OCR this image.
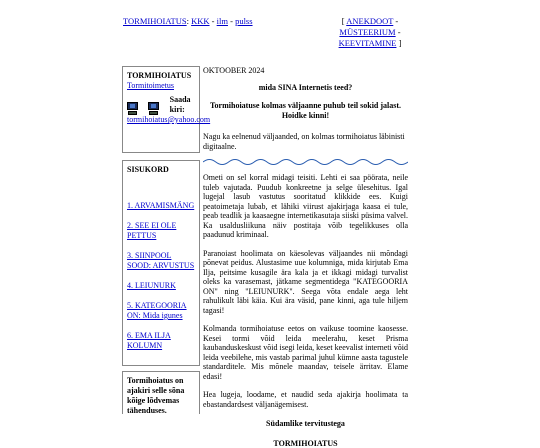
TORMIHOIATUS: KKK - ilm - pulss	[ ANEKDOOT - MÜSTEERIUM - KEEVITAMINE ]
TORMIHOIATUS
Tormitoimetus
Saada kiri:
tormihoiatus@yahoo.com
SISUKORD
1. ARVAMISMÄNG
2. SEE EI OLE PETTUS
3. SIINPOOL SOOD: ARVUSTUS
4. LEIUNURK
5. KATEGOORIA ON: Mida igunes
6. EMA ILJA KOLUMN
Tormihoiatus on ajakiri selle sõna kõige lõdvemas tähenduses.

OKTOOBER 2024

mida SINA Internetis teed?

Tormihoiatuse kolmas väljaanne puhub teil sokid jalast. Hoidke kinni!

Nagu ka eelnenud väljaanded, on kolmas tormihoiatus läbinisti digitaalne.

Ometi on sel korral midagi teisiti. Lehti ei saa pöörata, neile tuleb vajutada. Puudub konkreetne ja selge ülesehitus. Igal lugejal lasub vastutus sooritatud klikkide ees. Kuigi peatoimetaja lubab, et lähiki viirust ajakirjaga kaasa ei tule, peab teadlik ja kaasaegne internetikasutaja siiski püsima valvel. Ka usaldusliikuna näiv postitaja võib tegelikkuses olla paadunud kriminaal.

Paranoiast hoolimata on käesolevas väljaandes nii mõndagi põnevat peidus. Alustasime uue kolumniga, mida kirjutab Ema Ilja, peitsime kusagile ära kala ja et ikkagi midagi turvalist oleks ka varasemast, jätkame segmentidega "KATEGOORIA ON" ning "LEIUNURK". Seega võta endale aega leht rahulikult läbi käia. Kui ära väsid, pane kinni, aga tule hiljem tagasi!

Kolmanda tormihoiatuse eetos on vaikuse toomine kaosesse. Kesei tormi võid leida meelerahu, keset Prisma kaubanduskeskust võid isegi leida, keset keevalist interneti võid leida veebilehe, mis vastab parimal juhul kümne aasta tagustele standarditele. Mis mõnele maandav, teisele ärritav. Elame edasi!

Hea lugeja, loodame, et naudid seda ajakirja hoolimata ta ebastandardsest väljanägemisest.

Südamlike tervitustega

TORMIHOIATUS
